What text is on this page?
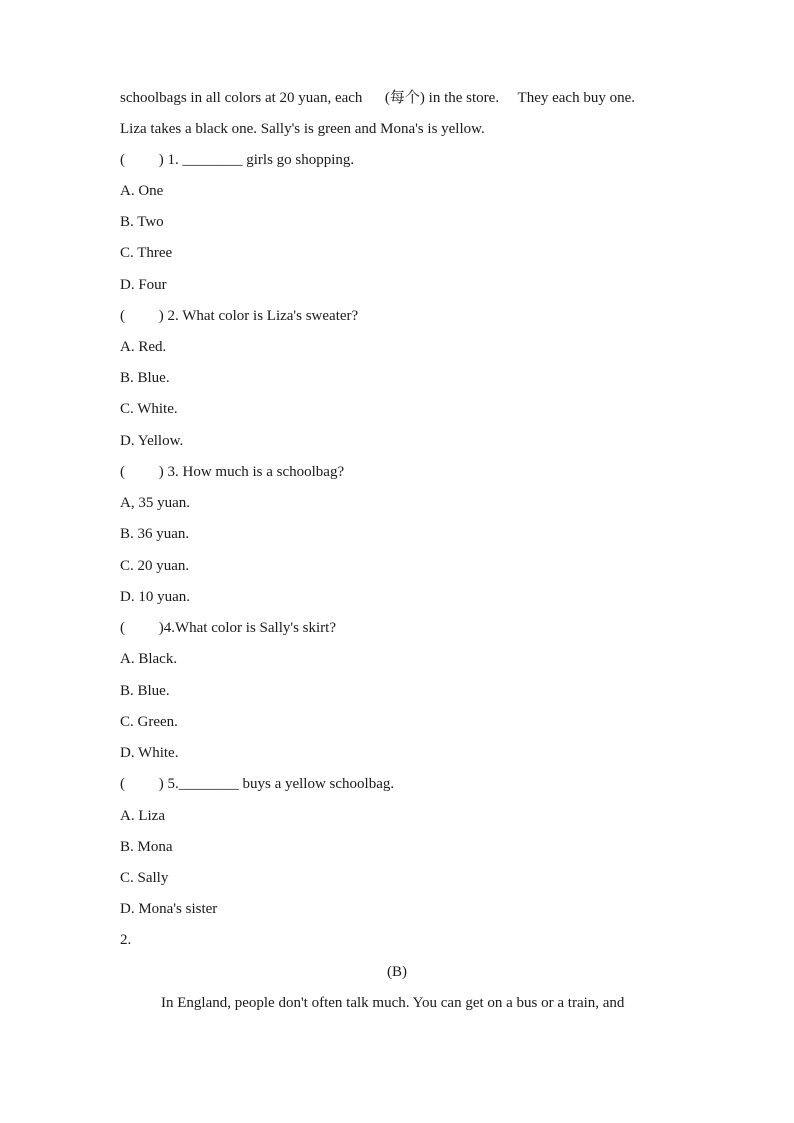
schoolbags in all colors at 20 yuan, each      (每个) in the store.     They each buy one.
Liza takes a black one. Sally's is green and Mona's is yellow.
(         ) 1. ________ girls go shopping.
A. One
B. Two
C. Three
D. Four
(         ) 2. What color is Liza's sweater?
A. Red.
B. Blue.
C. White.
D. Yellow.
(         ) 3. How much is a schoolbag?
A, 35 yuan.
B. 36 yuan.
C. 20 yuan.
D. 10 yuan.
(         )4.What color is Sally's skirt?
A. Black.
B. Blue.
C. Green.
D. White.
(         ) 5.________ buys a yellow schoolbag.
A. Liza
B. Mona
C. Sally
D. Mona's sister
2.
(B)
In England, people don't often talk much. You can get on a bus or a train, and
